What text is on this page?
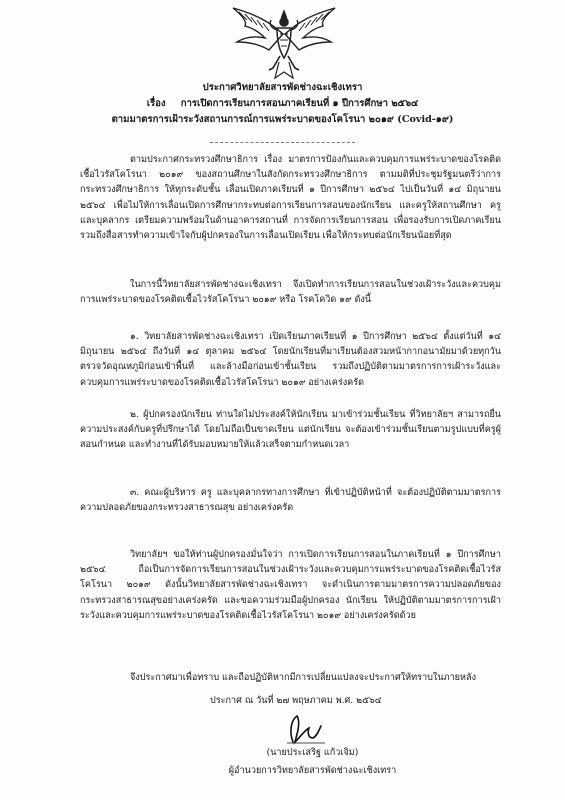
ประกาศวิทยาลัยสารพัดช่างฉะเชิงเทรา
เรื่อง การเปิดการเรียนการสอนภาคเรียนที่ ๑ ปีการศึกษา ๒๕๖๔
ตามมาตรการเฝ้าระวังสถานการณ์การแพร่ระบาดของโคโรนา ๒๐๑๙ (Covid-๑๙)

ตามประกาศกระทรวงศึกษาธิการ เรื่อง มาตรการป้องกันและควบคุมการแพร่ระบาดของโรคติดเชื้อไวรัสโคโรนา ๒๐๑๙ ของสถานศึกษาในสังกัดกระทรวงศึกษาธิการ ตามมติที่ประชุมรัฐมนตรีว่าการกระทรวงศึกษาธิการ ให้ทุกระดับชั้น เลื่อนเปิดภาคเรียนที่ ๑ ปีการศึกษา ๒๕๖๔ ไปเป็นวันที่ ๑๔ มิถุนายน ๒๕๖๔ เพื่อไม่ให้การเลื่อนเปิดการศึกษากระทบต่อการเรียนการสอนของนักเรียน และครูให้สถานศึกษา ครูและบุคลากร เตรียมความพร้อมในด้านอาคารสถานที่ การจัดการเรียนการสอน เพื่อรองรับการเปิดภาคเรียน รวมถึงสื่อสารทำความเข้าใจกับผู้ปกครองในการเลื่อนเปิดเรียน เพื่อให้กระทบต่อนักเรียนน้อยที่สุด

ในการนี้วิทยาลัยสารพัดช่างฉะเชิงเทรา จึงเปิดทำการเรียนการสอนในช่วงเฝ้าระวังและควบคุมการแพร่ระบาดของโรคติดเชื้อไวรัสโคโรนา ๒๐๑๙ หรือ โรคโควิด ๑๙ ดังนี้

๑. วิทยาลัยสารพัดช่างฉะเชิงเทรา เปิดเรียนภาคเรียนที่ ๑ ปีการศึกษา ๒๕๖๔ ตั้งแต่วันที่ ๑๔ มิถุนายน ๒๕๖๔ ถึงวันที่ ๑๔ ตุลาคม ๒๕๖๔ โดยนักเรียนที่มาเรียนต้องสวมหน้ากากอนามัยมาด้วยทุกวัน ตรวจวัดอุณหภูมิก่อนเข้าพื้นที่ และล้างมือก่อนเข้าชั้นเรียน รวมถึงปฏิบัติตามมาตรการการเฝ้าระวังและควบคุมการแพร่ระบาดของโรคติดเชื้อไวรัสโคโรนา ๒๐๑๙ อย่างเคร่งครัด

๒. ผู้ปกครองนักเรียน ท่านใดไม่ประสงค์ให้นักเรียน มาเข้าร่วมชั้นเรียน ที่วิทยาลัยฯ สามารถยื่นความประสงค์กับครูที่ปรึกษาได้ โดยไม่ถือเป็นขาดเรียน แต่นักเรียน จะต้องเข้าร่วมชั้นเรียนตามรูปแบบที่ครูผู้สอนกำหนด และทำงานที่ได้รับมอบหมายให้แล้วเสร็จตามกำหนดเวลา

๓. คณะผู้บริหาร ครู และบุคลากรทางการศึกษา ที่เข้าปฏิบัติหน้าที่ จะต้องปฏิบัติตามมาตรการความปลอดภัยของกระทรวงสาธารณสุข อย่างเคร่งครัด

วิทยาลัยฯ ขอให้ท่านผู้ปกครองมั่นใจว่า การเปิดการเรียนการสอนในภาคเรียนที่ ๑ ปีการศึกษา ๒๕๖๔ ถือเป็นการจัดการเรียนการสอนในช่วงเฝ้าระวังและควบคุมการแพร่ระบาดของโรคติดเชื้อไวรัสโคโรนา ๒๐๑๙ ดังนั้นวิทยาลัยสารพัดช่างฉะเชิงเทรา จะดำเนินการตามมาตรการความปลอดภัยของกระทรวงสาธารณสุขอย่างเคร่งครัด และขอความร่วมมือผู้ปกครอง นักเรียน ให้ปฏิบัติตามมาตรการการเฝ้าระวังและควบคุมการแพร่ระบาดของโรคติดเชื้อไวรัสโคโรนา ๒๐๑๙ อย่างเคร่งครัดด้วย

จึงประกาศมาเพื่อทราบ และถือปฏิบัติหากมีการเปลี่ยนแปลงจะประกาศให้ทราบในภายหลัง

ประกาศ ณ วันที่ ๒๗ พฤษภาคม พ.ศ. ๒๕๖๔
(นายประเสริฐ แก้วเจิม)
ผู้อำนวยการวิทยาลัยสารพัดช่างฉะเชิงเทรา
